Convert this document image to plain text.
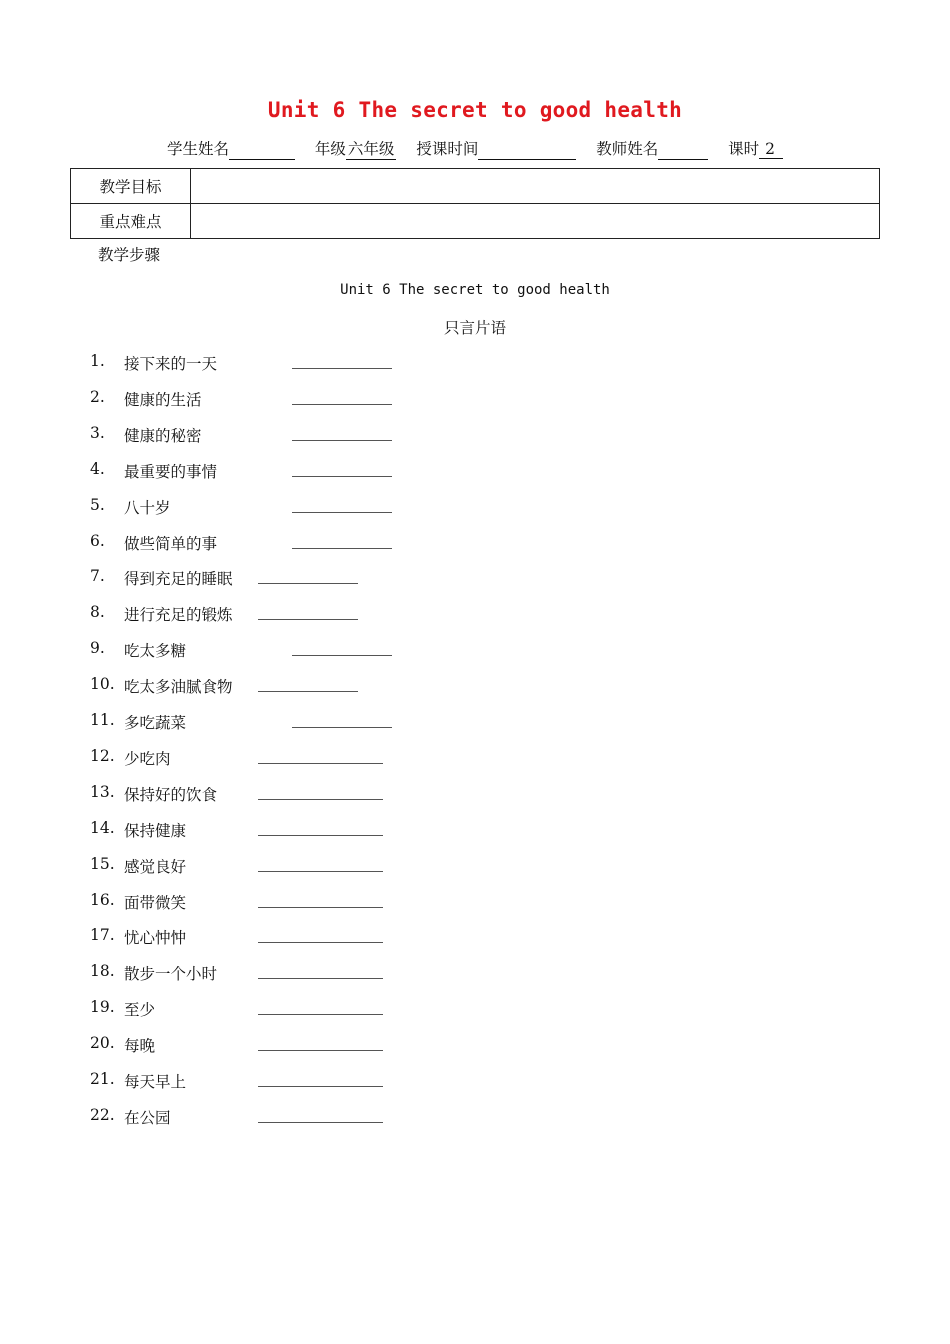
Unit 6 The secret to good health
学生姓名	年级 六年级 授课时间	教师姓名	课时 2
教学目标	
重点难点	
教学步骤
Unit 6 The secret to good health
只言片语
1. 接下来的一天
2. 健康的生活
3. 健康的秘密
4. 最重要的事情
5. 八十岁
6. 做些简单的事
7. 得到充足的睡眠
8. 进行充足的锻炼
9. 吃太多糖
10. 吃太多油腻食物
11. 多吃蔬菜
12. 少吃肉
13. 保持好的饮食
14. 保持健康
15. 感觉良好
16. 面带微笑
17. 忧心忡忡
18. 散步一个小时
19. 至少
20. 每晚
21. 每天早上
22. 在公园
